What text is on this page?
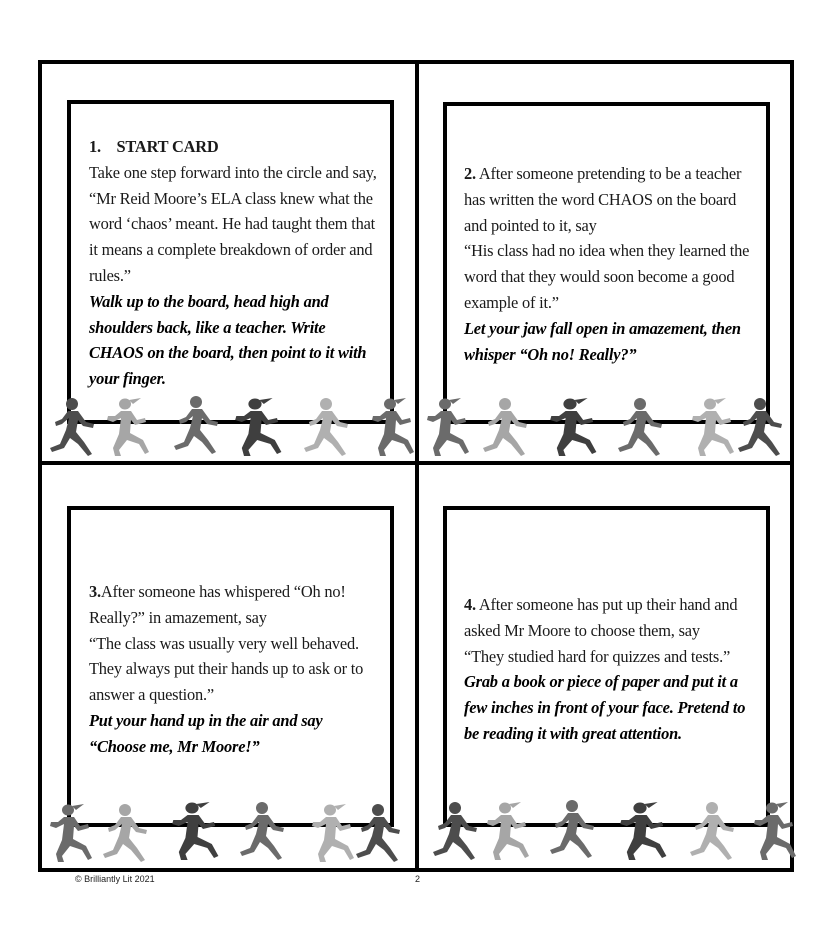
1. START CARD

Take one step forward into the circle and say,

“Mr Reid Moore’s ELA class knew what the

word ‘chaos’ meant. He had taught them that

it means a complete breakdown of order and

rules.”

Walk up to the board, head high and

shoulders back, like a teacher. Write

CHAOS on the board, then point to it with

your finger.

2. After someone pretending to be a teacher

has written the word CHAOS on the board

and pointed to it, say

“His class had no idea when they learned the

word that they would soon become a good

example of it.”

Let your jaw fall open in amazement, then

whisper “Oh no! Really?”

3.After someone has whispered “Oh no!

Really?” in amazement, say

“The class was usually very well behaved.

They always put their hands up to ask or to

answer a question.”

Put your hand up in the air and say

“Choose me, Mr Moore!”

4. After someone has put up their hand and

asked Mr Moore to choose them, say

“They studied hard for quizzes and tests.”

Grab a book or piece of paper and put it a

few inches in front of your face. Pretend to

be reading it with great attention.

© Brilliantly Lit 2021	2
